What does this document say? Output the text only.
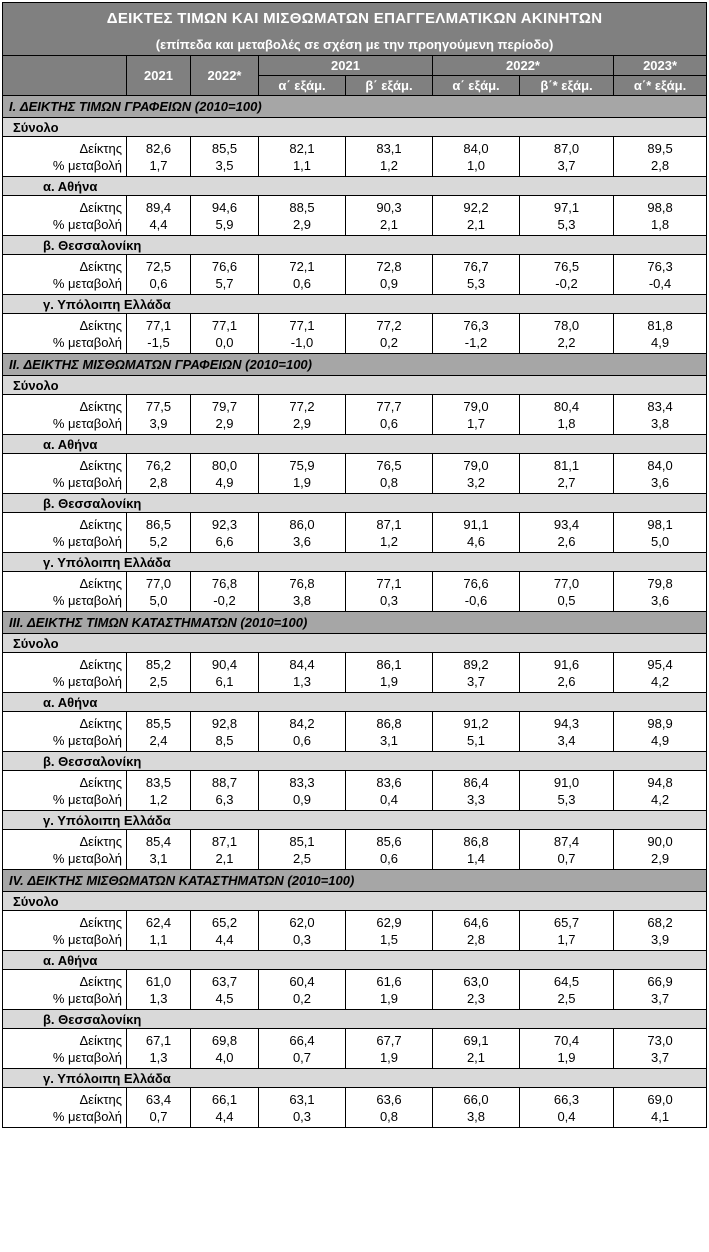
ΔΕΙΚΤΕΣ ΤΙΜΩΝ ΚΑΙ ΜΙΣΘΩΜΑΤΩΝ ΕΠΑΓΓΕΛΜΑΤΙΚΩΝ ΑΚΙΝΗΤΩΝ							
(επίπεδα και μεταβολές σε σχέση με την προηγούμενη περίοδο)							
	2021	2022*	2021		2022*		2023*
			α΄ εξάμ.	β΄ εξάμ.	α΄ εξάμ.	β΄* εξάμ.	α΄* εξάμ.
I. ΔΕΙΚΤΗΣ ΤΙΜΩΝ ΓΡΑΦΕΙΩΝ (2010=100)							
Σύνολο							
Δείκτης	82,6	85,5	82,1	83,1	84,0	87,0	89,5
% μεταβολή	1,7	3,5	1,1	1,2	1,0	3,7	2,8
α. Αθήνα							
Δείκτης	89,4	94,6	88,5	90,3	92,2	97,1	98,8
% μεταβολή	4,4	5,9	2,9	2,1	2,1	5,3	1,8
β. Θεσσαλονίκη							
Δείκτης	72,5	76,6	72,1	72,8	76,7	76,5	76,3
% μεταβολή	0,6	5,7	0,6	0,9	5,3	-0,2	-0,4
γ. Υπόλοιπη Ελλάδα							
Δείκτης	77,1	77,1	77,1	77,2	76,3	78,0	81,8
% μεταβολή	-1,5	0,0	-1,0	0,2	-1,2	2,2	4,9
II. ΔΕΙΚΤΗΣ ΜΙΣΘΩΜΑΤΩΝ ΓΡΑΦΕΙΩΝ (2010=100)							
Σύνολο							
Δείκτης	77,5	79,7	77,2	77,7	79,0	80,4	83,4
% μεταβολή	3,9	2,9	2,9	0,6	1,7	1,8	3,8
α. Αθήνα							
Δείκτης	76,2	80,0	75,9	76,5	79,0	81,1	84,0
% μεταβολή	2,8	4,9	1,9	0,8	3,2	2,7	3,6
β. Θεσσαλονίκη							
Δείκτης	86,5	92,3	86,0	87,1	91,1	93,4	98,1
% μεταβολή	5,2	6,6	3,6	1,2	4,6	2,6	5,0
γ. Υπόλοιπη Ελλάδα							
Δείκτης	77,0	76,8	76,8	77,1	76,6	77,0	79,8
% μεταβολή	5,0	-0,2	3,8	0,3	-0,6	0,5	3,6
III. ΔΕΙΚΤΗΣ ΤΙΜΩΝ ΚΑΤΑΣΤΗΜΑΤΩΝ (2010=100)							
Σύνολο							
Δείκτης	85,2	90,4	84,4	86,1	89,2	91,6	95,4
% μεταβολή	2,5	6,1	1,3	1,9	3,7	2,6	4,2
α. Αθήνα							
Δείκτης	85,5	92,8	84,2	86,8	91,2	94,3	98,9
% μεταβολή	2,4	8,5	0,6	3,1	5,1	3,4	4,9
β. Θεσσαλονίκη							
Δείκτης	83,5	88,7	83,3	83,6	86,4	91,0	94,8
% μεταβολή	1,2	6,3	0,9	0,4	3,3	5,3	4,2
γ. Υπόλοιπη Ελλάδα							
Δείκτης	85,4	87,1	85,1	85,6	86,8	87,4	90,0
% μεταβολή	3,1	2,1	2,5	0,6	1,4	0,7	2,9
IV. ΔΕΙΚΤΗΣ ΜΙΣΘΩΜΑΤΩΝ ΚΑΤΑΣΤΗΜΑΤΩΝ (2010=100)							
Σύνολο							
Δείκτης	62,4	65,2	62,0	62,9	64,6	65,7	68,2
% μεταβολή	1,1	4,4	0,3	1,5	2,8	1,7	3,9
α. Αθήνα							
Δείκτης	61,0	63,7	60,4	61,6	63,0	64,5	66,9
% μεταβολή	1,3	4,5	0,2	1,9	2,3	2,5	3,7
β. Θεσσαλονίκη							
Δείκτης	67,1	69,8	66,4	67,7	69,1	70,4	73,0
% μεταβολή	1,3	4,0	0,7	1,9	2,1	1,9	3,7
γ. Υπόλοιπη Ελλάδα							
Δείκτης	63,4	66,1	63,1	63,6	66,0	66,3	69,0
% μεταβολή	0,7	4,4	0,3	0,8	3,8	0,4	4,1
